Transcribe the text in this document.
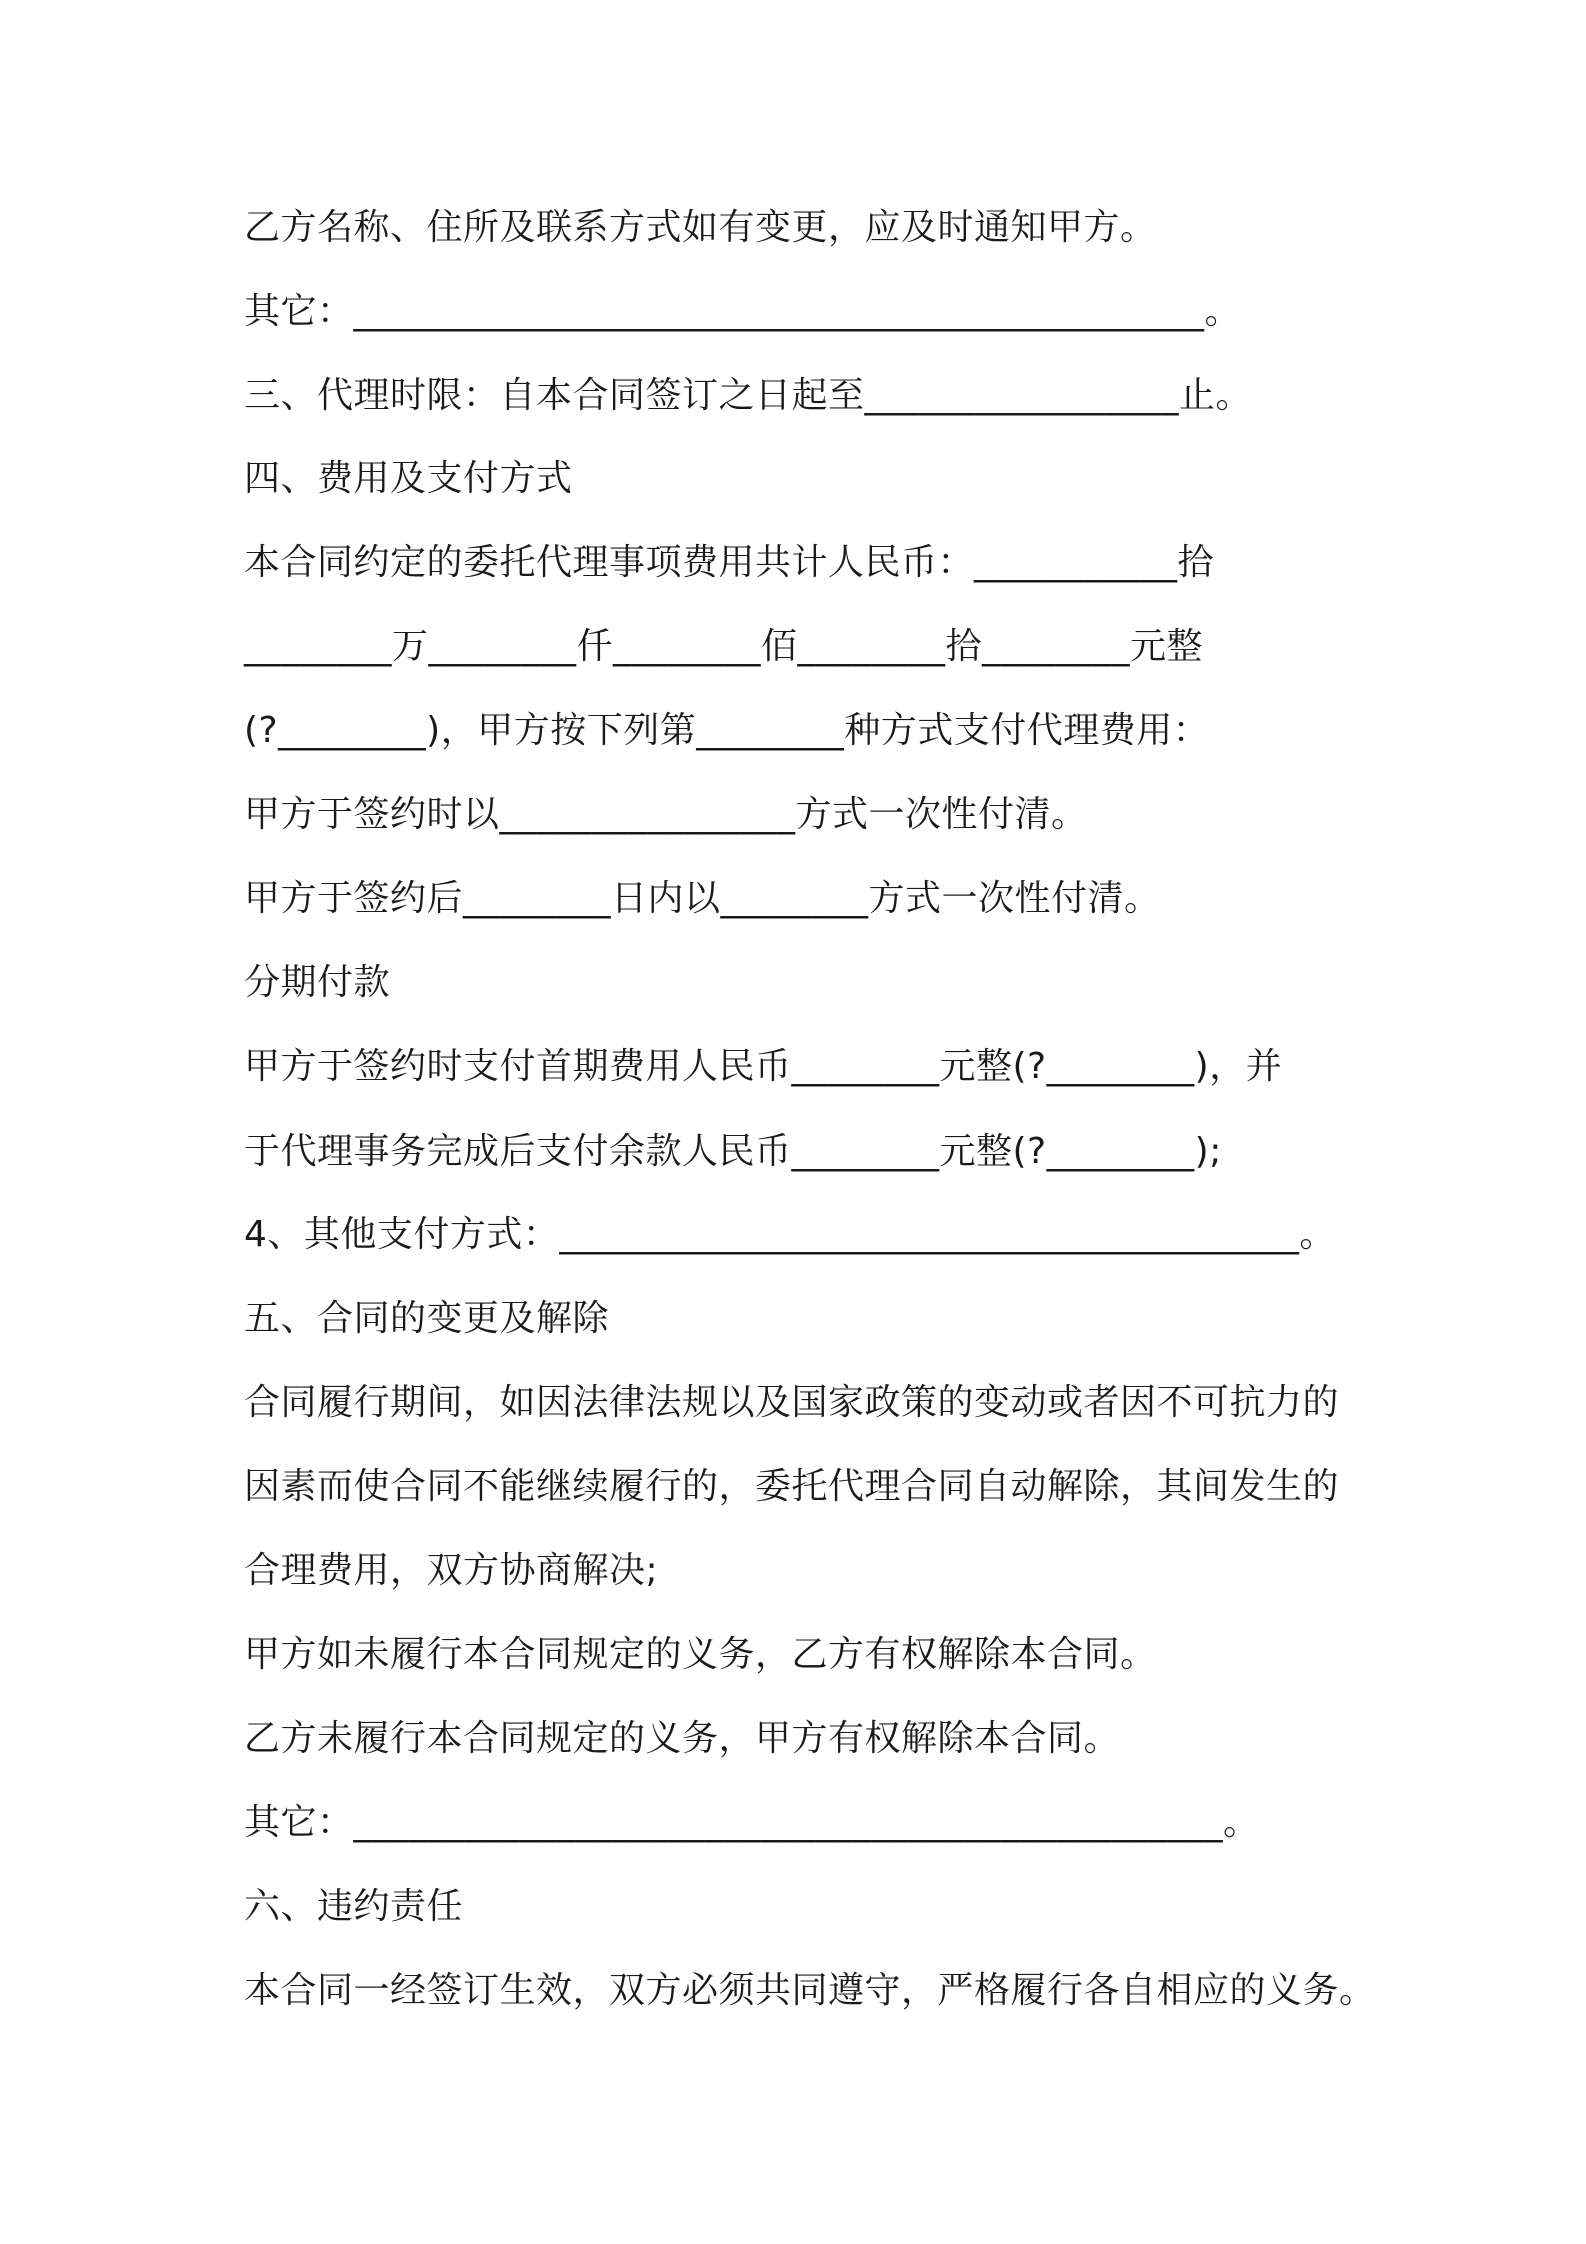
乙方名称、住所及联系方式如有变更，应及时通知甲方。
其它：______________________________________________。
三、代理时限：自本合同签订之日起至_________________止。
四、费用及支付方式
本合同约定的委托代理事项费用共计人民币：___________拾
________万________仟________佰________拾________元整
(?________)，甲方按下列第________种方式支付代理费用：
甲方于签约时以________________方式一次性付清。
甲方于签约后________日内以________方式一次性付清。
分期付款
甲方于签约时支付首期费用人民币________元整(?________)，并
于代理事务完成后支付余款人民币________元整(?________);
4、其他支付方式：________________________________________。
五、合同的变更及解除
合同履行期间，如因法律法规以及国家政策的变动或者因不可抗力的
因素而使合同不能继续履行的，委托代理合同自动解除，其间发生的
合理费用，双方协商解决;
甲方如未履行本合同规定的义务，乙方有权解除本合同。
乙方未履行本合同规定的义务，甲方有权解除本合同。
其它：_______________________________________________。
六、违约责任
本合同一经签订生效，双方必须共同遵守，严格履行各自相应的义务。
